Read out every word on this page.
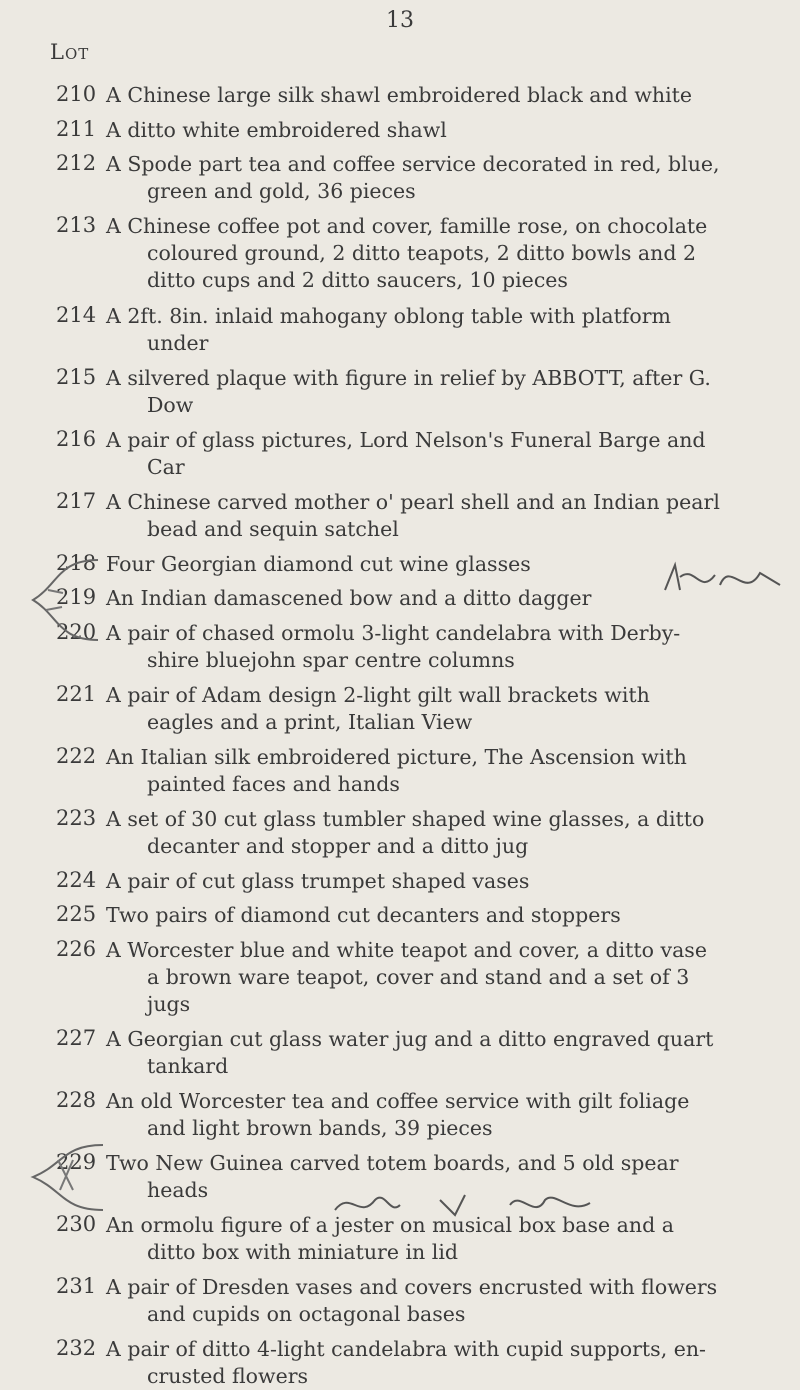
13
Lot
210 A Chinese large silk shawl embroidered black and white
211 A ditto white embroidered shawl
212 A Spode part tea and coffee service decorated in red, blue,
green and gold, 36 pieces
213 A Chinese coffee pot and cover, famille rose, on chocolate
coloured ground, 2 ditto teapots, 2 ditto bowls and 2
ditto cups and 2 ditto saucers, 10 pieces
214 A 2ft. 8in. inlaid mahogany oblong table with platform
under
215 A silvered plaque with figure in relief by ABBOTT, after G.
Dow
216 A pair of glass pictures, Lord Nelson's Funeral Barge and
Car
217 A Chinese carved mother o' pearl shell and an Indian pearl
bead and sequin satchel
218 Four Georgian diamond cut wine glasses
219 An Indian damascened bow and a ditto dagger
220 A pair of chased ormolu 3-light candelabra with Derby-
shire bluejohn spar centre columns
221 A pair of Adam design 2-light gilt wall brackets with
eagles and a print, Italian View
222 An Italian silk embroidered picture, The Ascension with
painted faces and hands
223 A set of 30 cut glass tumbler shaped wine glasses, a ditto
decanter and stopper and a ditto jug
224 A pair of cut glass trumpet shaped vases
225 Two pairs of diamond cut decanters and stoppers
226 A Worcester blue and white teapot and cover, a ditto vase
a brown ware teapot, cover and stand and a set of 3
jugs
227 A Georgian cut glass water jug and a ditto engraved quart
tankard
228 An old Worcester tea and coffee service with gilt foliage
and light brown bands, 39 pieces
229 Two New Guinea carved totem boards, and 5 old spear
heads
230 An ormolu figure of a jester on musical box base and a
ditto box with miniature in lid
231 A pair of Dresden vases and covers encrusted with flowers
and cupids on octagonal bases
232 A pair of ditto 4-light candelabra with cupid supports, en-
crusted flowers
